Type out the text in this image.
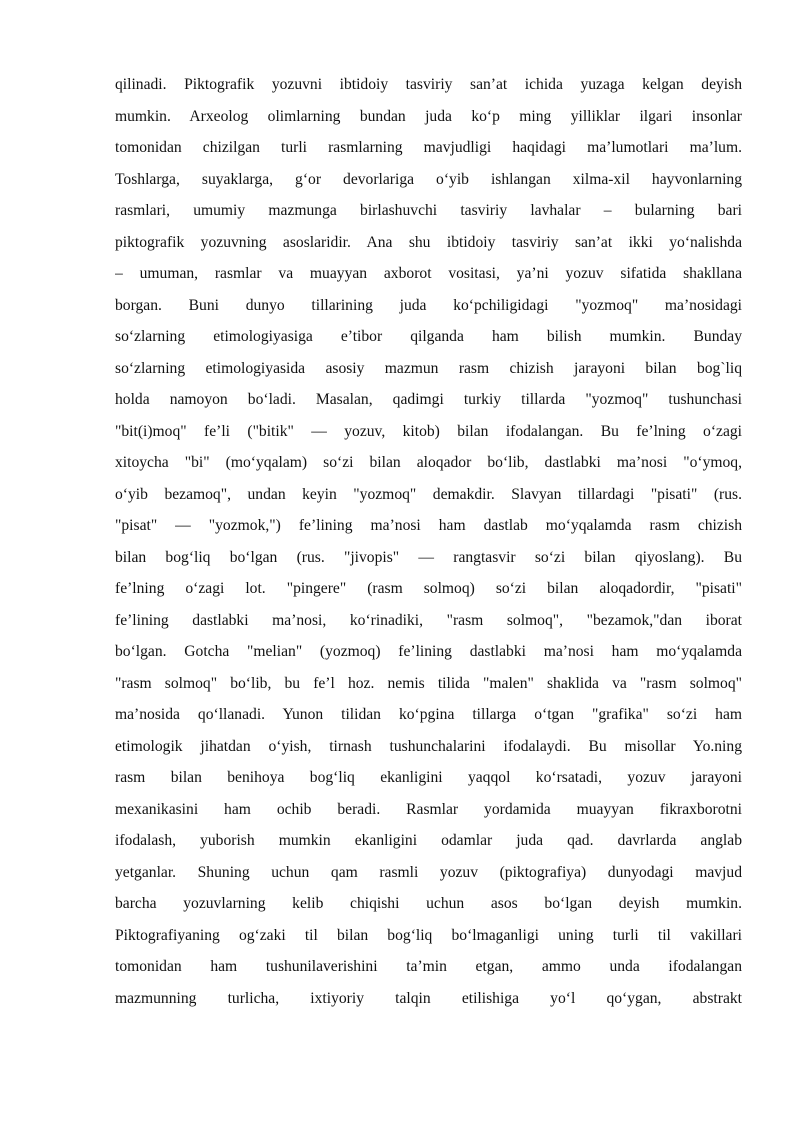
qilinadi. Piktografik yozuvni ibtidoiy tasviriy san’at ichida yuzaga kelgan deyish
mumkin. Arxeolog olimlarning bundan juda ko‘p ming yilliklar ilgari insonlar
tomonidan chizilgan turli rasmlarning mavjudligi haqidagi ma’lumotlari ma’lum.
Toshlarga, suyaklarga, g‘or devorlariga o‘yib ishlangan xilma-xil hayvonlarning
rasmlari, umumiy mazmunga birlashuvchi tasviriy lavhalar – bularning bari
piktografik yozuvning asoslaridir. Ana shu ibtidoiy tasviriy san’at ikki yo‘nalishda
– umuman, rasmlar va muayyan axborot vositasi, ya’ni yozuv sifatida shakllana
borgan. Buni dunyo tillarining juda ko‘pchiligidagi "yozmoq" ma’nosidagi
so‘zlarning etimologiyasiga e’tibor qilganda ham bilish mumkin. Bunday
so‘zlarning etimologiyasida asosiy mazmun rasm chizish jarayoni bilan bog`liq
holda namoyon bo‘ladi. Masalan, qadimgi turkiy tillarda "yozmoq" tushunchasi
"bit(i)moq" fe’li ("bitik" — yozuv, kitob) bilan ifodalangan. Bu fe’lning o‘zagi
xitoycha "bi" (mo‘yqalam) so‘zi bilan aloqador bo‘lib, dastlabki ma’nosi "o‘ymoq,
o‘yib bezamoq", undan keyin "yozmoq" demakdir. Slavyan tillardagi "pisati" (rus.
"pisat" — "yozmok,") fe’lining ma’nosi ham dastlab mo‘yqalamda rasm chizish
bilan bog‘liq bo‘lgan (rus. "jivopis" — rangtasvir so‘zi bilan qiyoslang). Bu
fe’lning o‘zagi lot. "pingere" (rasm solmoq) so‘zi bilan aloqadordir, "pisati"
fe’lining dastlabki ma’nosi, ko‘rinadiki, "rasm solmoq", "bezamok,"dan iborat
bo‘lgan. Gotcha "melian" (yozmoq) fe’lining dastlabki ma’nosi ham mo‘yqalamda
"rasm solmoq" bo‘lib, bu fe’l hoz. nemis tilida "malen" shaklida va "rasm solmoq"
ma’nosida qo‘llanadi. Yunon tilidan ko‘pgina tillarga o‘tgan "grafika" so‘zi ham
etimologik jihatdan o‘yish, tirnash tushunchalarini ifodalaydi. Bu misollar Yo.ning
rasm bilan benihoya bog‘liq ekanligini yaqqol ko‘rsatadi, yozuv jarayoni
mexanikasini ham ochib beradi. Rasmlar yordamida muayyan fikraxborotni
ifodalash, yuborish mumkin ekanligini odamlar juda qad. davrlarda anglab
yetganlar. Shuning uchun qam rasmli yozuv (piktografiya) dunyodagi mavjud
barcha yozuvlarning kelib chiqishi uchun asos bo‘lgan deyish mumkin.
Piktografiyaning og‘zaki til bilan bog‘liq bo‘lmaganligi uning turli til vakillari
tomonidan ham tushunilaverishini ta’min etgan, ammo unda ifodalangan
mazmunning turlicha, ixtiyoriy talqin etilishiga yo‘l qo‘ygan, abstrakt
